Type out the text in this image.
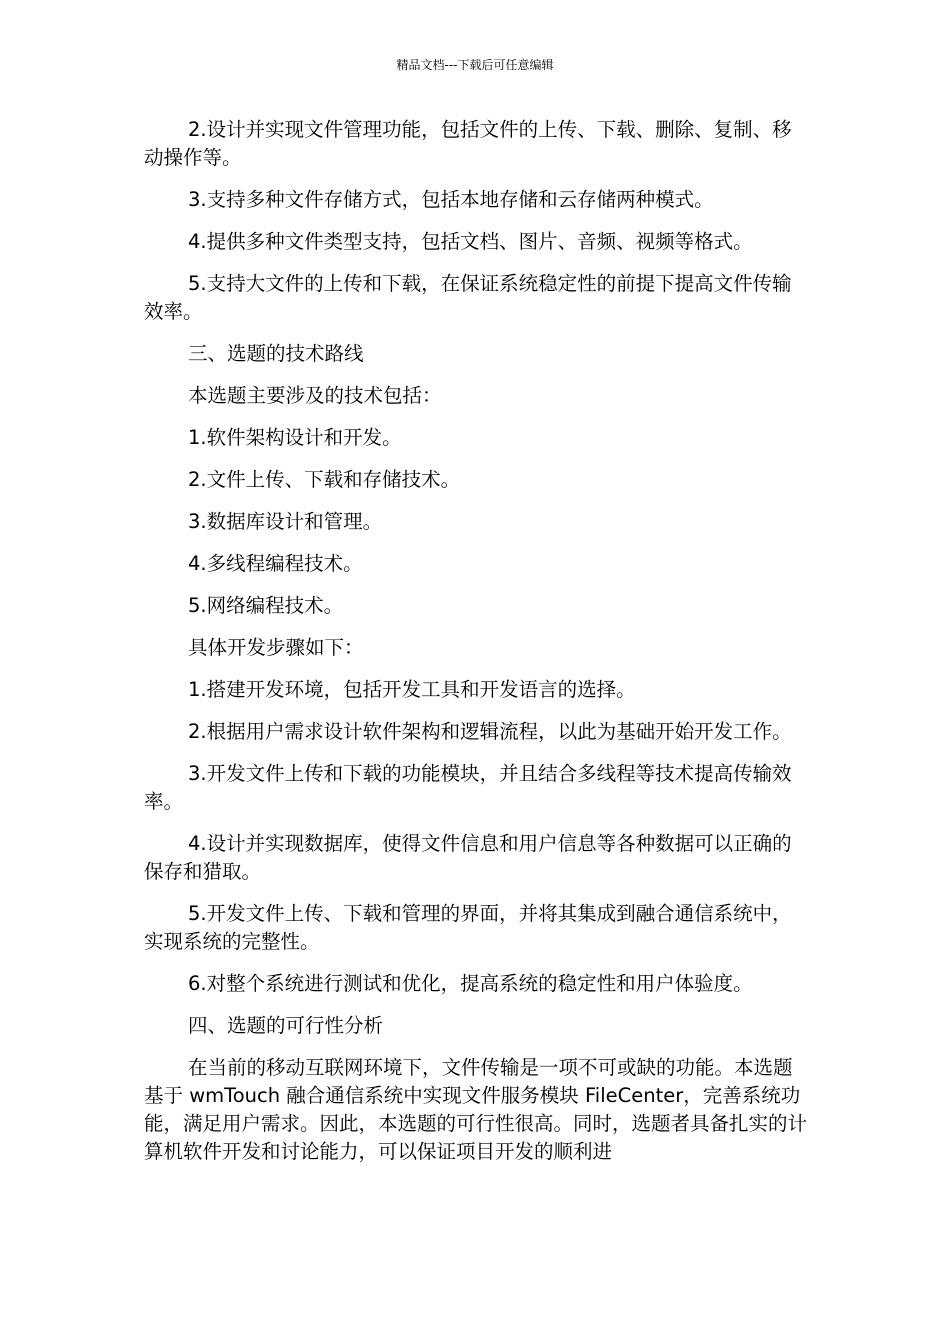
精品文档---下载后可任意编辑

2.设计并实现文件管理功能，包括文件的上传、下载、删除、复制、移动操作等。

3.支持多种文件存储方式，包括本地存储和云存储两种模式。

4.提供多种文件类型支持，包括文档、图片、音频、视频等格式。

5.支持大文件的上传和下载，在保证系统稳定性的前提下提高文件传输效率。

三、选题的技术路线

本选题主要涉及的技术包括：

1.软件架构设计和开发。

2.文件上传、下载和存储技术。

3.数据库设计和管理。

4.多线程编程技术。

5.网络编程技术。

具体开发步骤如下：

1.搭建开发环境，包括开发工具和开发语言的选择。

2.根据用户需求设计软件架构和逻辑流程，以此为基础开始开发工作。

3.开发文件上传和下载的功能模块，并且结合多线程等技术提高传输效率。

4.设计并实现数据库，使得文件信息和用户信息等各种数据可以正确的保存和猎取。

5.开发文件上传、下载和管理的界面，并将其集成到融合通信系统中，实现系统的完整性。

6.对整个系统进行测试和优化，提高系统的稳定性和用户体验度。

四、选题的可行性分析

在当前的移动互联网环境下，文件传输是一项不可或缺的功能。本选题基于 wmTouch 融合通信系统中实现文件服务模块 FileCenter，完善系统功能，满足用户需求。因此，本选题的可行性很高。同时，选题者具备扎实的计算机软件开发和讨论能力，可以保证项目开发的顺利进
